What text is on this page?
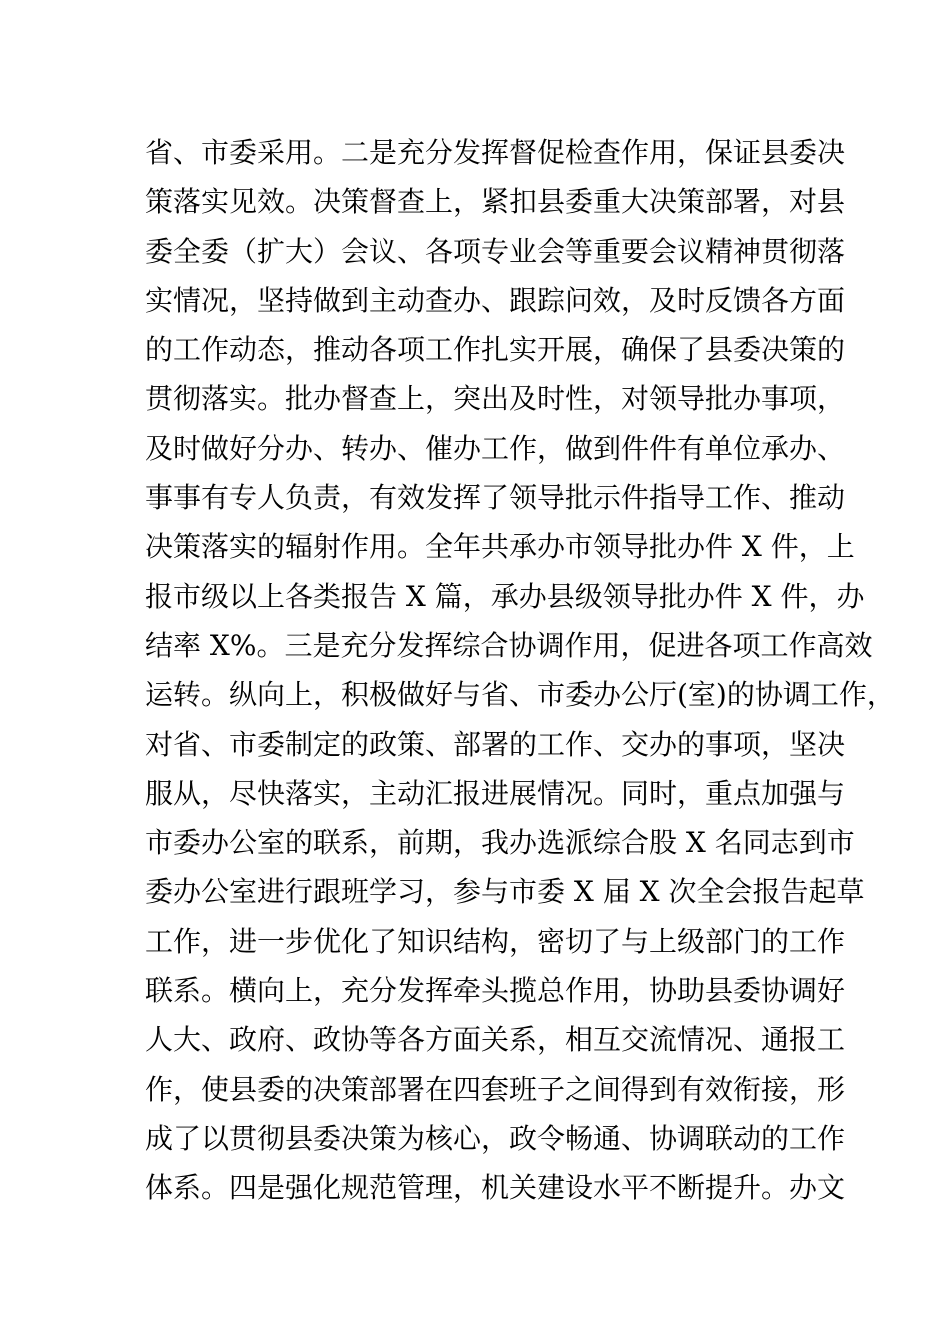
省、市委采用。二是充分发挥督促检查作用，保证县委决
策落实见效。决策督查上，紧扣县委重大决策部署，对县
委全委（扩大）会议、各项专业会等重要会议精神贯彻落
实情况，坚持做到主动查办、跟踪问效，及时反馈各方面
的工作动态，推动各项工作扎实开展，确保了县委决策的
贯彻落实。批办督查上，突出及时性，对领导批办事项，
及时做好分办、转办、催办工作，做到件件有单位承办、
事事有专人负责，有效发挥了领导批示件指导工作、推动
决策落实的辐射作用。全年共承办市领导批办件 X 件，上
报市级以上各类报告 X 篇，承办县级领导批办件 X 件，办
结率 X%。三是充分发挥综合协调作用，促进各项工作高效
运转。纵向上，积极做好与省、市委办公厅(室)的协调工作，
对省、市委制定的政策、部署的工作、交办的事项，坚决
服从，尽快落实，主动汇报进展情况。同时，重点加强与
市委办公室的联系，前期，我办选派综合股 X 名同志到市
委办公室进行跟班学习，参与市委 X 届 X 次全会报告起草
工作，进一步优化了知识结构，密切了与上级部门的工作
联系。横向上，充分发挥牵头揽总作用，协助县委协调好
人大、政府、政协等各方面关系，相互交流情况、通报工
作，使县委的决策部署在四套班子之间得到有效衔接，形
成了以贯彻县委决策为核心，政令畅通、协调联动的工作
体系。四是强化规范管理，机关建设水平不断提升。办文
